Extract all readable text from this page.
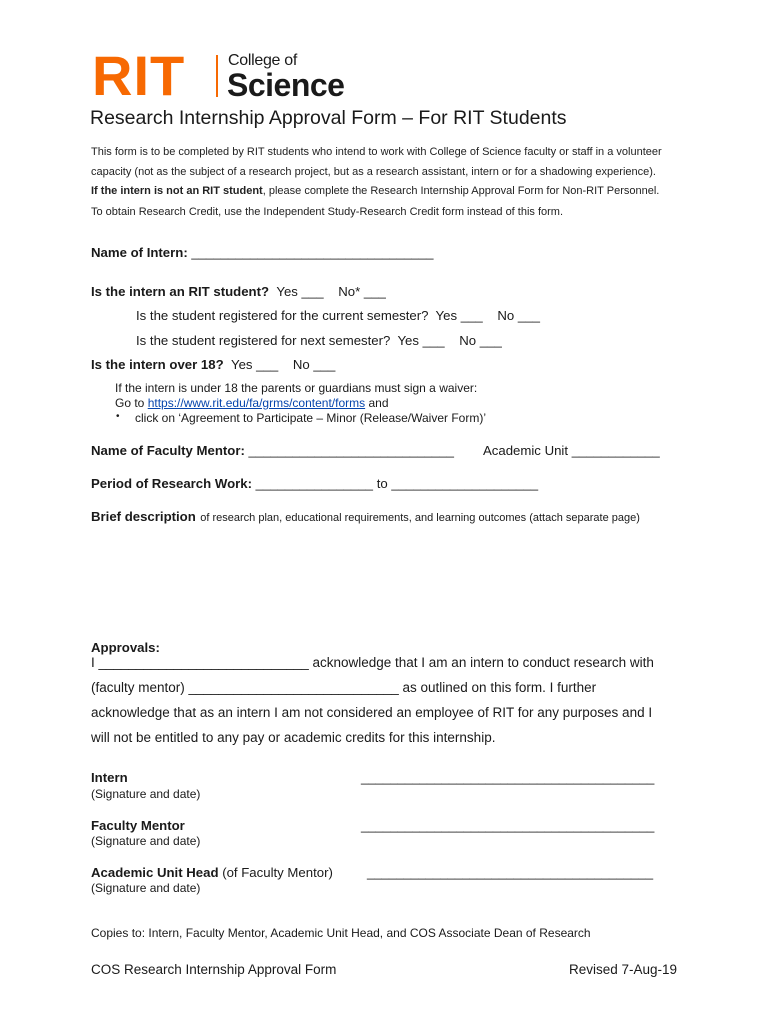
RIT	College of
Science
Research Internship Approval Form – For RIT Students
This form is to be completed by RIT students who intend to work with College of Science faculty or staff in a volunteer
capacity (not as the subject of a research project, but as a research assistant, intern or for a shadowing experience).
If the intern is not an RIT student, please complete the Research Internship Approval Form for Non-RIT Personnel.
To obtain Research Credit, use the Independent Study-Research Credit form instead of this form.
Name of Intern: _________________________________
Is the intern an RIT student? Yes ___    No* ___
Is the student registered for the current semester?  Yes ___    No ___
Is the student registered for next semester?  Yes ___    No ___
Is the intern over 18? Yes ___    No ___
If the intern is under 18 the parents or guardians must sign a waiver:
Go to https://www.rit.edu/fa/grms/content/forms and
• click on ‘Agreement to Participate – Minor (Release/Waiver Form)’
Name of Faculty Mentor: ____________________________ Academic Unit ____________
Period of Research Work: ________________ to ____________________
Brief description of research plan, educational requirements, and learning outcomes (attach separate page)
Approvals:
I ____________________________ acknowledge that I am an intern to conduct research with
(faculty mentor) ____________________________ as outlined on this form. I further
acknowledge that as an intern I am not considered an employee of RIT for any purposes and I
will not be entitled to any pay or academic credits for this internship.
Intern
(Signature and date)
________________________________________
Faculty Mentor
(Signature and date)
________________________________________
Academic Unit Head (of Faculty Mentor)
(Signature and date)
_______________________________________
Copies to: Intern, Faculty Mentor, Academic Unit Head, and COS Associate Dean of Research
COS Research Internship Approval Form	Revised 7-Aug-19
